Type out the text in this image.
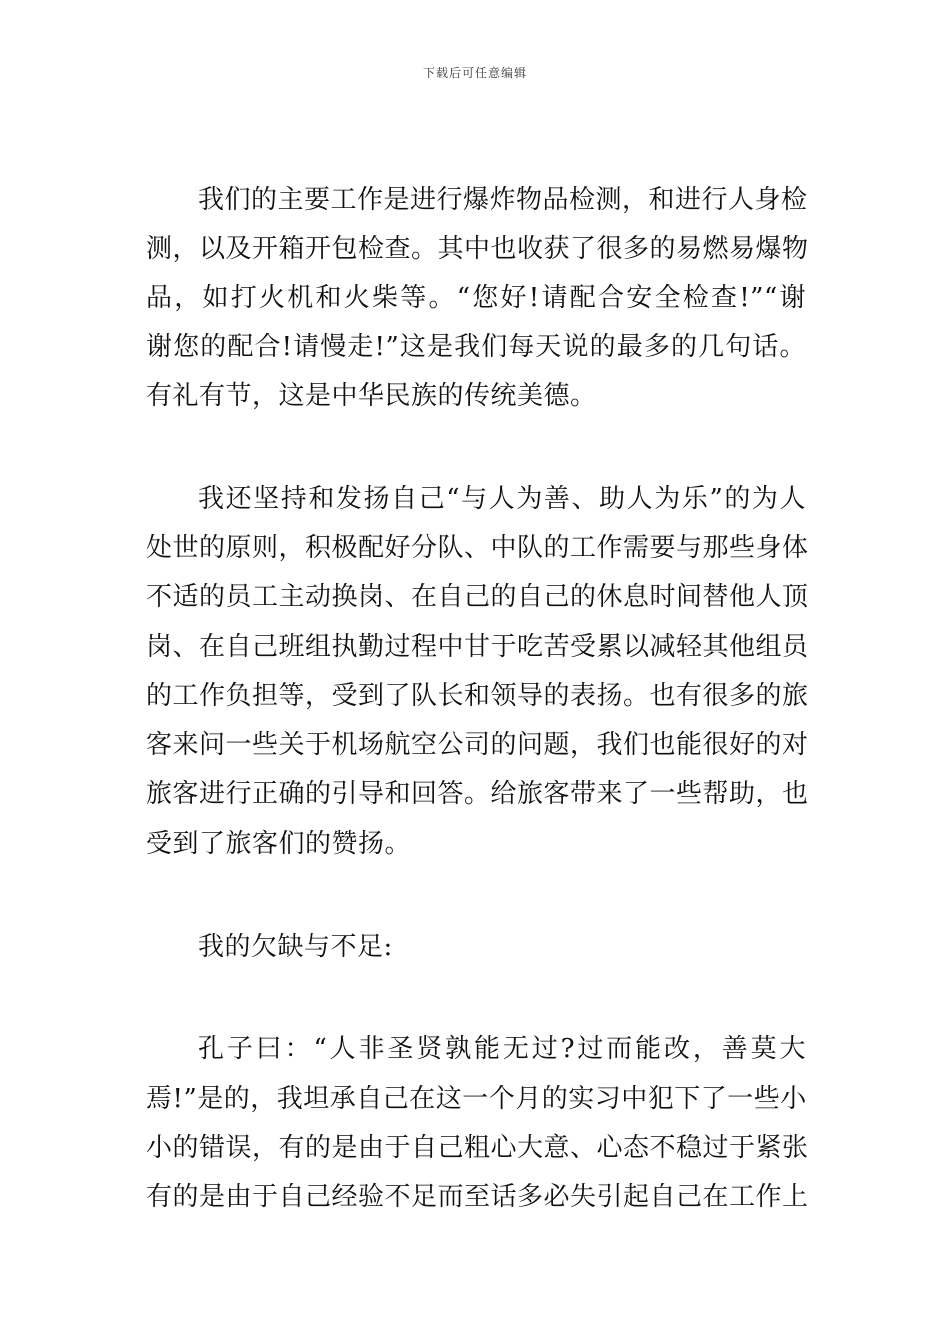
下载后可任意编辑
我们的主要工作是进行爆炸物品检测，和进行人身检
测，以及开箱开包检查。其中也收获了很多的易燃易爆物
品，如打火机和火柴等。“您好!请配合安全检查!”“谢
谢您的配合!请慢走!”这是我们每天说的最多的几句话。
有礼有节，这是中华民族的传统美德。
我还坚持和发扬自己“与人为善、助人为乐”的为人
处世的原则，积极配好分队、中队的工作需要与那些身体
不适的员工主动换岗、在自己的自己的休息时间替他人顶
岗、在自己班组执勤过程中甘于吃苦受累以减轻其他组员
的工作负担等，受到了队长和领导的表扬。也有很多的旅
客来问一些关于机场航空公司的问题，我们也能很好的对
旅客进行正确的引导和回答。给旅客带来了一些帮助，也
受到了旅客们的赞扬。
我的欠缺与不足:
孔子曰：“人非圣贤孰能无过?过而能改，善莫大
焉!”是的，我坦承自己在这一个月的实习中犯下了一些小
小的错误，有的是由于自己粗心大意、心态不稳过于紧张
有的是由于自己经验不足而至话多必失引起自己在工作上
